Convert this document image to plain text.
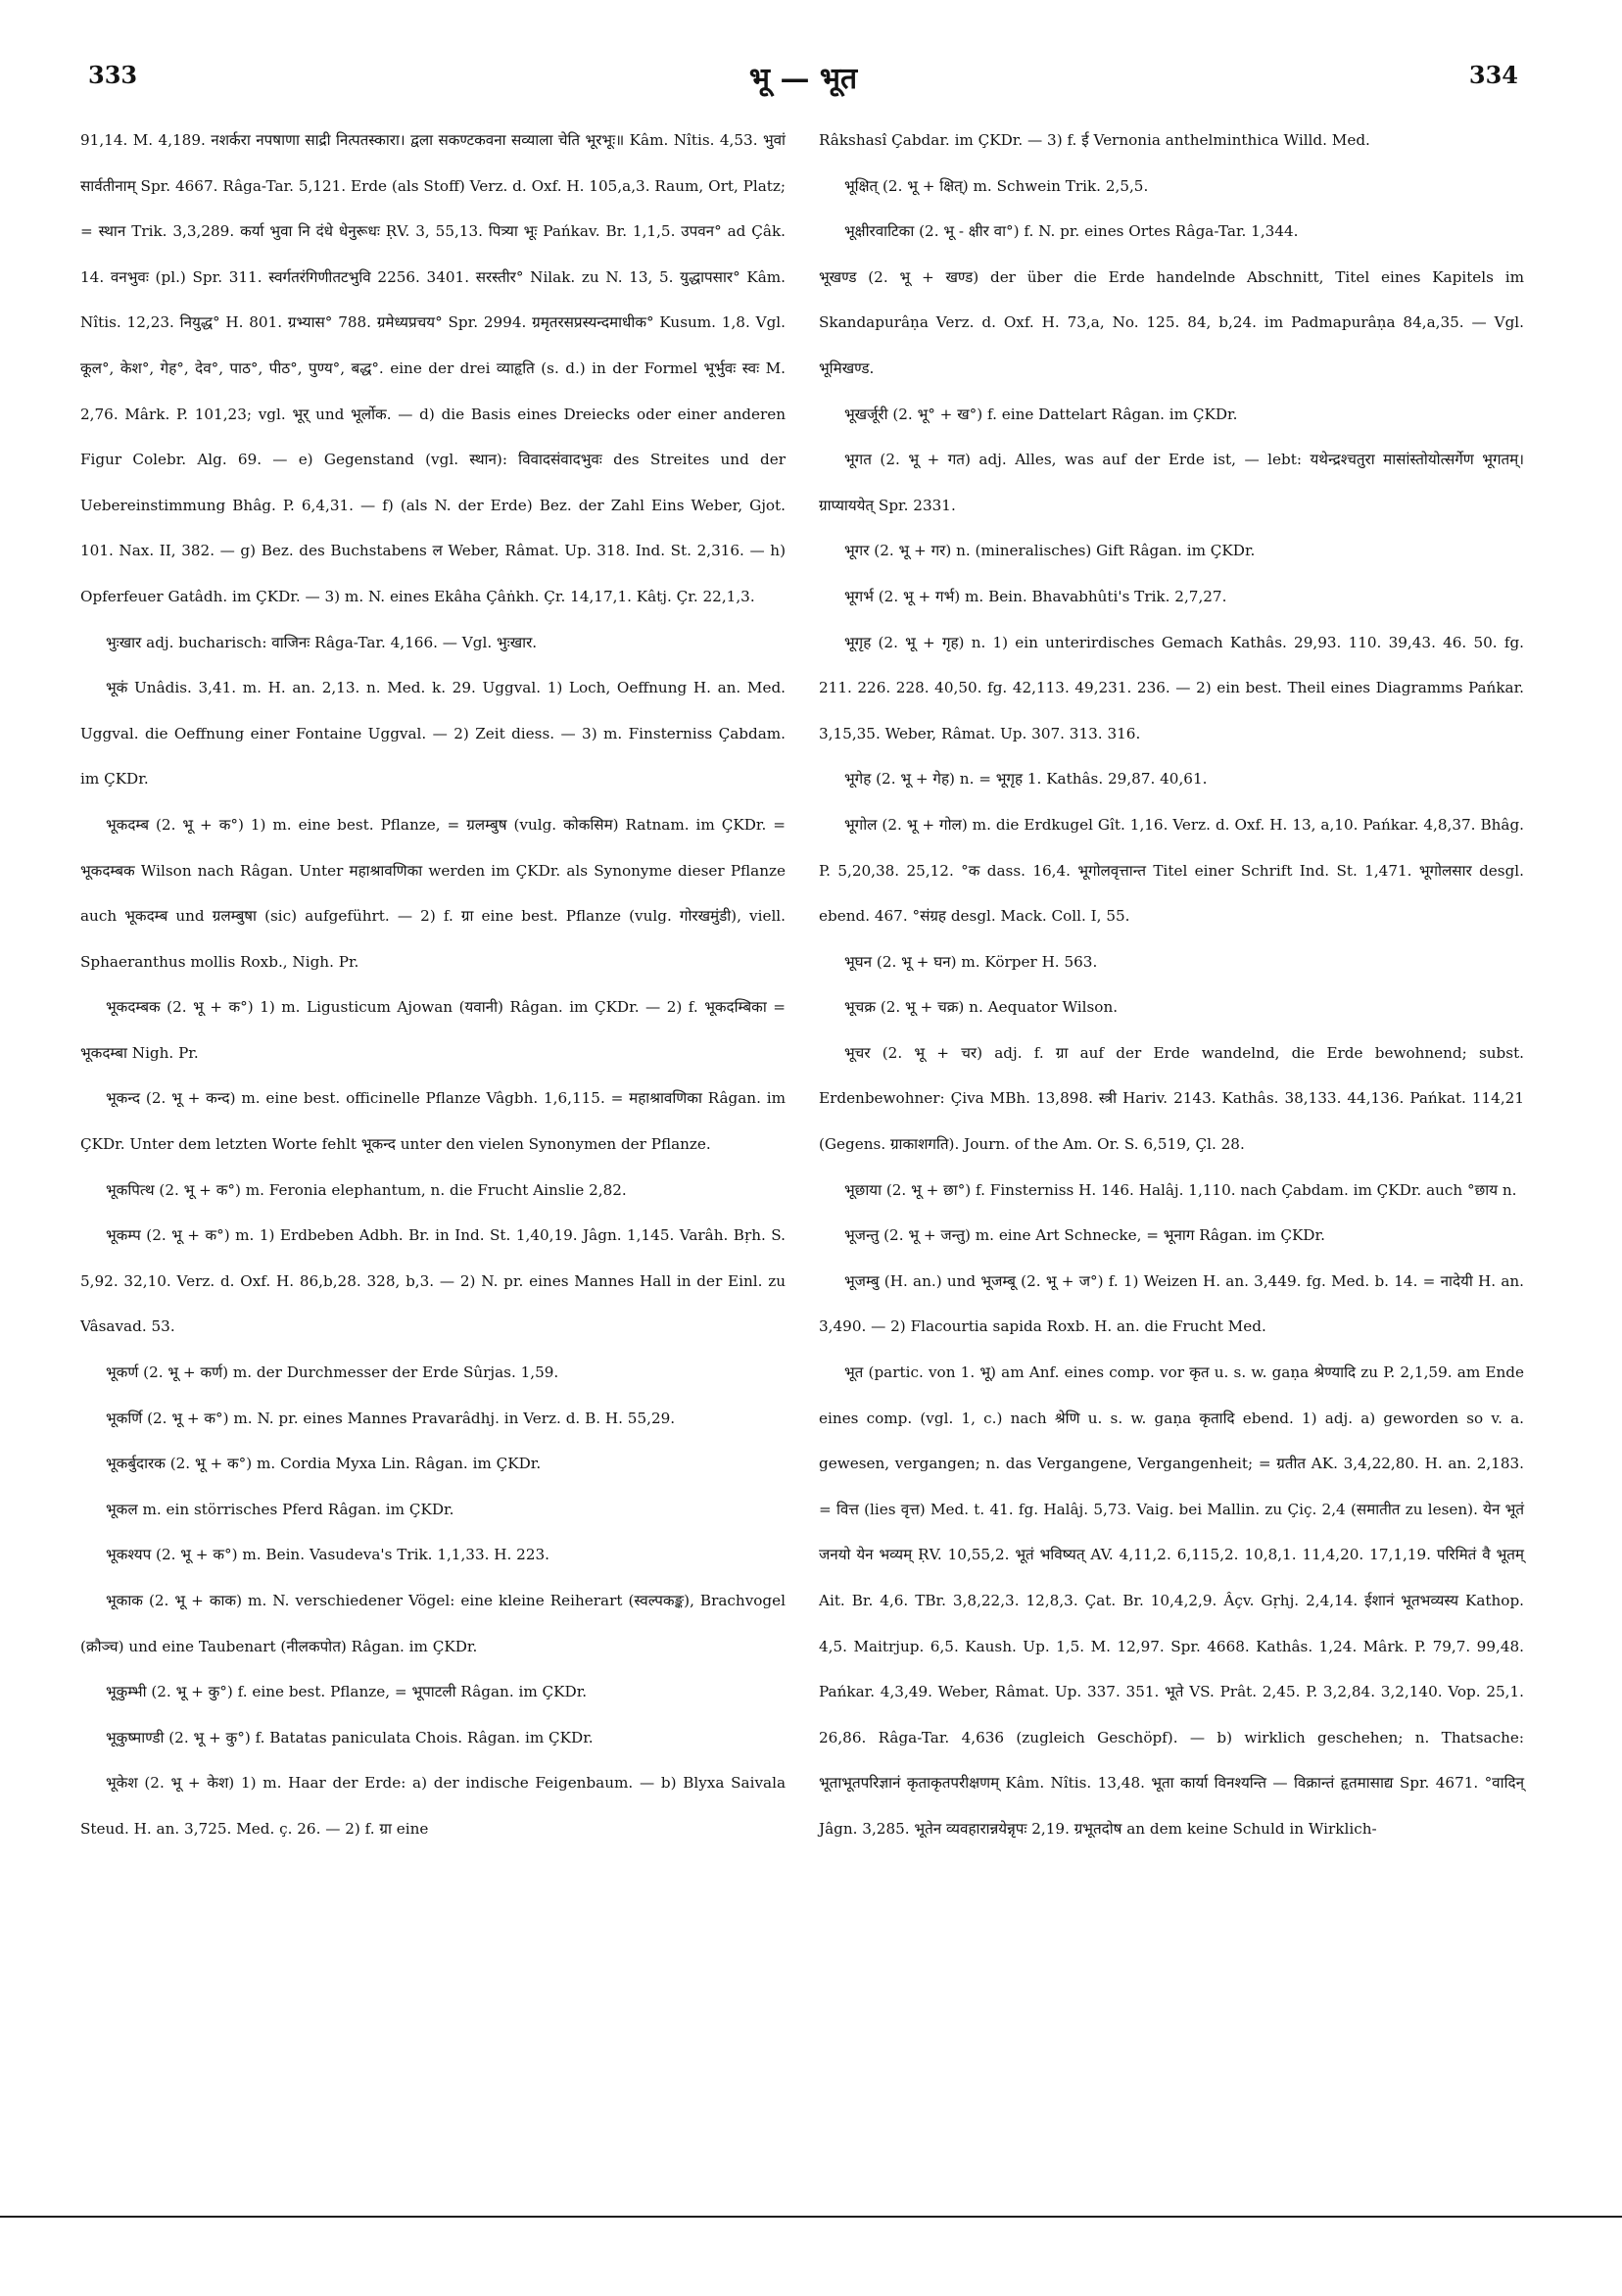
333	भू — भूत	334

91,14. M. 4,189. नशर्करा नपषाणा साद्री नित्पतस्कारा। द्वला सकण्टकवना सव्याला चेति भूरभूः॥ Kâm. Nîtis. 4,53. भुवां सार्वतीनाम् Spr. 4667. Râga-Tar. 5,121. Erde (als Stoff) Verz. d. Oxf. H. 105,a,3. Raum, Ort, Platz; = स्थान Trik. 3,3,289. कर्या भुवा नि दंधे धेनुरूधः ṚV. 3, 55,13. पित्र्या भूः Pańkav. Br. 1,1,5. उपवन° ad Çâk. 14. वनभुवः (pl.) Spr. 311. स्वर्गतरंगिणीतटभुवि 2256. 3401. सरस्तीर° Nilak. zu N. 13, 5. युद्धापसार° Kâm. Nîtis. 12,23. नियुद्ध° H. 801. ग्रभ्यास° 788. ग्रमेध्यप्रचय° Spr. 2994. ग्रमृतरसप्रस्यन्दमाधीक° Kusum. 1,8. Vgl. कूल°, केश°, गेह°, देव°, पाठ°, पीठ°, पुण्य°, बद्ध°. eine der drei व्याहृति (s. d.) in der Formel भूर्भुवः स्वः M. 2,76. Mârk. P. 101,23; vgl. भूर् und भूर्लोक. — d) die Basis eines Dreiecks oder einer anderen Figur Colebr. Alg. 69. — e) Gegenstand (vgl. स्थान): विवादसंवादभुवः des Streites und der Uebereinstimmung Bhâg. P. 6,4,31. — f) (als N. der Erde) Bez. der Zahl Eins Weber, Gjot. 101. Nax. II, 382. — g) Bez. des Buchstabens ल Weber, Râmat. Up. 318. Ind. St. 2,316. — h) Opferfeuer Gatâdh. im ÇKDr. — 3) m. N. eines Ekâha Çâṅkh. Çr. 14,17,1. Kâtj. Çr. 22,1,3.

भुःखार adj. bucharisch: वाजिनः Râga-Tar. 4,166. — Vgl. भुःखार.

भूकं Unâdis. 3,41. m. H. an. 2,13. n. Med. k. 29. Uggval. 1) Loch, Oeffnung H. an. Med. Uggval. die Oeffnung einer Fontaine Uggval. — 2) Zeit diess. — 3) m. Finsterniss Çabdam. im ÇKDr.

भूकदम्ब (2. भू + क°) 1) m. eine best. Pflanze, = ग्रलम्बुष (vulg. कोकसिम) Ratnam. im ÇKDr. = भूकदम्बक Wilson nach Râgan. Unter महाश्रावणिका werden im ÇKDr. als Synonyme dieser Pflanze auch भूकदम्ब und ग्रलम्बुषा (sic) aufgeführt. — 2) f. ग्रा eine best. Pflanze (vulg. गोरखमुंडी), viell. Sphaeranthus mollis Roxb., Nigh. Pr.

भूकदम्बक (2. भू + क°) 1) m. Ligusticum Ajowan (यवानी) Râgan. im ÇKDr. — 2) f. भूकदम्बिका = भूकदम्बा Nigh. Pr.

भूकन्द (2. भू + कन्द) m. eine best. officinelle Pflanze Vâgbh. 1,6,115. = महाश्रावणिका Râgan. im ÇKDr. Unter dem letzten Worte fehlt भूकन्द unter den vielen Synonymen der Pflanze.

भूकपित्थ (2. भू + क°) m. Feronia elephantum, n. die Frucht Ainslie 2,82.

भूकम्प (2. भू + क°) m. 1) Erdbeben Adbh. Br. in Ind. St. 1,40,19. Jâgn. 1,145. Varâh. Bṛh. S. 5,92. 32,10. Verz. d. Oxf. H. 86,b,28. 328, b,3. — 2) N. pr. eines Mannes Hall in der Einl. zu Vâsavad. 53.

भूकर्ण (2. भू + कर्ण) m. der Durchmesser der Erde Sûrjas. 1,59.

भूकर्णि (2. भू + क°) m. N. pr. eines Mannes Pravarâdhj. in Verz. d. B. H. 55,29.

भूकर्बुदारक (2. भू + क°) m. Cordia Myxa Lin. Râgan. im ÇKDr.

भूकल m. ein störrisches Pferd Râgan. im ÇKDr.

भूकश्यप (2. भू + क°) m. Bein. Vasudeva's Trik. 1,1,33. H. 223.

भूकाक (2. भू + काक) m. N. verschiedener Vögel: eine kleine Reiherart (स्वल्पकङ्क), Brachvogel (क्रौञ्च) und eine Taubenart (नीलकपोत) Râgan. im ÇKDr.

भूकुम्भी (2. भू + कु°) f. eine best. Pflanze, = भूपाटली Râgan. im ÇKDr.

भूकुष्माण्डी (2. भू + कु°) f. Batatas paniculata Chois. Râgan. im ÇKDr.

भूकेश (2. भू + केश) 1) m. Haar der Erde: a) der indische Feigenbaum. — b) Blyxa Saivala Steud. H. an. 3,725. Med. ç. 26. — 2) f. ग्रा eine

Râkshasî Çabdar. im ÇKDr. — 3) f. ई Vernonia anthelminthica Willd. Med.

भूक्षित् (2. भू + क्षित्) m. Schwein Trik. 2,5,5.

भूक्षीरवाटिका (2. भू - क्षीर वा°) f. N. pr. eines Ortes Râga-Tar. 1,344.

भूखण्ड (2. भू + खण्ड) der über die Erde handelnde Abschnitt, Titel eines Kapitels im Skandapurâṇa Verz. d. Oxf. H. 73,a, No. 125. 84, b,24. im Padmapurâṇa 84,a,35. — Vgl. भूमिखण्ड.

भूखर्जूरी (2. भू° + ख°) f. eine Dattelart Râgan. im ÇKDr.

भूगत (2. भू + गत) adj. Alles, was auf der Erde ist, — lebt: यथेन्द्रश्चतुरा मासांस्तोयोत्सर्गेण भूगतम्। ग्राप्याययेत् Spr. 2331.

भूगर (2. भू + गर) n. (mineralisches) Gift Râgan. im ÇKDr.

भूगर्भ (2. भू + गर्भ) m. Bein. Bhavabhûti's Trik. 2,7,27.

भूगृह (2. भू + गृह) n. 1) ein unterirdisches Gemach Kathâs. 29,93. 110. 39,43. 46. 50. fg. 211. 226. 228. 40,50. fg. 42,113. 49,231. 236. — 2) ein best. Theil eines Diagramms Pańkar. 3,15,35. Weber, Râmat. Up. 307. 313. 316.

भूगेह (2. भू + गेह) n. = भूगृह 1. Kathâs. 29,87. 40,61.

भूगोल (2. भू + गोल) m. die Erdkugel Gît. 1,16. Verz. d. Oxf. H. 13, a,10. Pańkar. 4,8,37. Bhâg. P. 5,20,38. 25,12. °क dass. 16,4. भूगोलवृत्तान्त Titel einer Schrift Ind. St. 1,471. भूगोलसार desgl. ebend. 467. °संग्रह desgl. Mack. Coll. I, 55.

भूघन (2. भू + घन) m. Körper H. 563.

भूचक्र (2. भू + चक्र) n. Aequator Wilson.

भूचर (2. भू + चर) adj. f. ग्रा auf der Erde wandelnd, die Erde bewohnend; subst. Erdenbewohner: Çiva MBh. 13,898. स्त्री Hariv. 2143. Kathâs. 38,133. 44,136. Pańkat. 114,21 (Gegens. ग्राकाशगति). Journ. of the Am. Or. S. 6,519, Çl. 28.

भूछाया (2. भू + छा°) f. Finsterniss H. 146. Halâj. 1,110. nach Çabdam. im ÇKDr. auch °छाय n.

भूजन्तु (2. भू + जन्तु) m. eine Art Schnecke, = भूनाग Râgan. im ÇKDr.

भूजम्बु (H. an.) und भूजम्बू (2. भू + ज°) f. 1) Weizen H. an. 3,449. fg. Med. b. 14. = नादेयी H. an. 3,490. — 2) Flacourtia sapida Roxb. H. an. die Frucht Med.

भूत (partic. von 1. भू) am Anf. eines comp. vor कृत u. s. w. gaṇa श्रेण्यादि zu P. 2,1,59. am Ende eines comp. (vgl. 1, c.) nach श्रेणि u. s. w. gaṇa कृतादि ebend. 1) adj. a) geworden so v. a. gewesen, vergangen; n. das Vergangene, Vergangenheit; = ग्रतीत AK. 3,4,22,80. H. an. 2,183. = वित्त (lies वृत्त) Med. t. 41. fg. Halâj. 5,73. Vaig. bei Mallin. zu Çiç. 2,4 (समातीत zu lesen). येन भूतं जनयो येन भव्यम् ṚV. 10,55,2. भूतं भविष्यत् AV. 4,11,2. 6,115,2. 10,8,1. 11,4,20. 17,1,19. परिमितं वै भूतम् Ait. Br. 4,6. TBr. 3,8,22,3. 12,8,3. Çat. Br. 10,4,2,9. Âçv. Gṛhj. 2,4,14. ईशानं भूतभव्यस्य Kathop. 4,5. Maitrjup. 6,5. Kaush. Up. 1,5. M. 12,97. Spr. 4668. Kathâs. 1,24. Mârk. P. 79,7. 99,48. Pańkar. 4,3,49. Weber, Râmat. Up. 337. 351. भूते VS. Prât. 2,45. P. 3,2,84. 3,2,140. Vop. 25,1. 26,86. Râga-Tar. 4,636 (zugleich Geschöpf). — b) wirklich geschehen; n. Thatsache: भूताभूतपरिज्ञानं कृताकृतपरीक्षणम् Kâm. Nîtis. 13,48. भूता कार्या विनश्यन्ति — विक्रान्तं हृतमासाद्य Spr. 4671. °वादिन् Jâgn. 3,285. भूतेन व्यवहारान्नयेन्नृपः 2,19. ग्रभूतदोष an dem keine Schuld in Wirklich-
